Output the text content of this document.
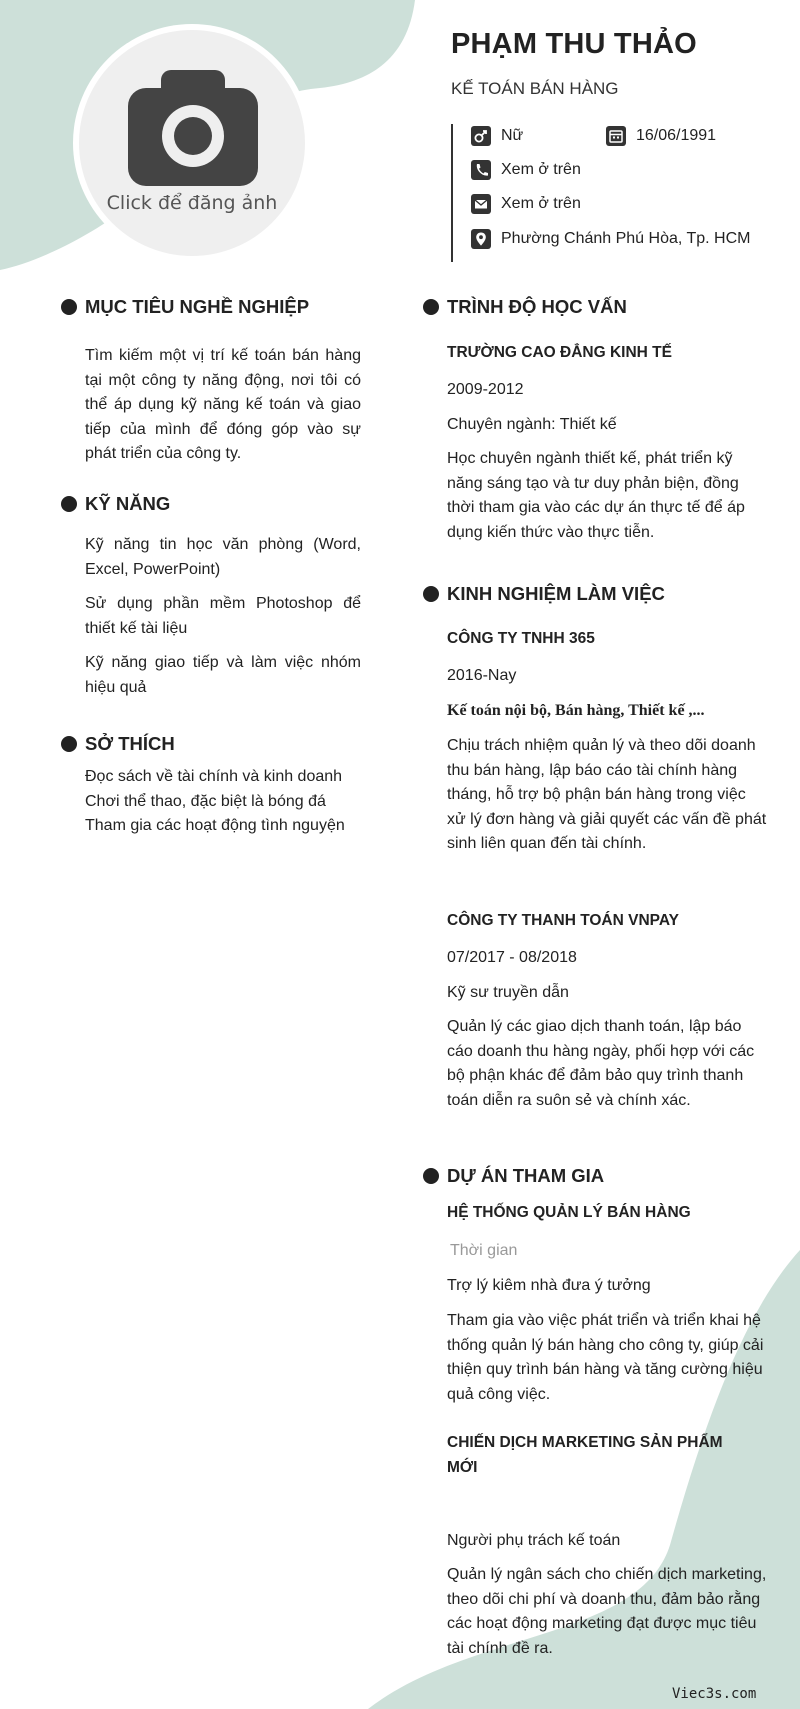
Click để đăng ảnh
PHẠM THU THẢO
KẾ TOÁN BÁN HÀNG
Nữ	16/06/1991
Xem ở trên
Xem ở trên
Phường Chánh Phú Hòa, Tp. HCM
MỤC TIÊU NGHỀ NGHIỆP
Tìm kiếm một vị trí kế toán bán hàng tại một công ty năng động, nơi tôi có thể áp dụng kỹ năng kế toán và giao tiếp của mình để đóng góp vào sự phát triển của công ty.
KỸ NĂNG
Kỹ năng tin học văn phòng (Word, Excel, PowerPoint)
Sử dụng phần mềm Photoshop để thiết kế tài liệu
Kỹ năng giao tiếp và làm việc nhóm hiệu quả
SỞ THÍCH
Đọc sách về tài chính và kinh doanh
Chơi thể thao, đặc biệt là bóng đá
Tham gia các hoạt động tình nguyện
TRÌNH ĐỘ HỌC VẤN
TRƯỜNG CAO ĐẲNG KINH TẾ
2009-2012
Chuyên ngành: Thiết kế
Học chuyên ngành thiết kế, phát triển kỹ năng sáng tạo và tư duy phản biện, đồng thời tham gia vào các dự án thực tế để áp dụng kiến thức vào thực tiễn.
KINH NGHIỆM LÀM VIỆC
CÔNG TY TNHH 365
2016-Nay
Kế toán nội bộ, Bán hàng, Thiết kế ,...
Chịu trách nhiệm quản lý và theo dõi doanh thu bán hàng, lập báo cáo tài chính hàng tháng, hỗ trợ bộ phận bán hàng trong việc xử lý đơn hàng và giải quyết các vấn đề phát sinh liên quan đến tài chính.
CÔNG TY THANH TOÁN VNPAY
07/2017 - 08/2018
Kỹ sư truyền dẫn
Quản lý các giao dịch thanh toán, lập báo cáo doanh thu hàng ngày, phối hợp với các bộ phận khác để đảm bảo quy trình thanh toán diễn ra suôn sẻ và chính xác.
DỰ ÁN THAM GIA
HỆ THỐNG QUẢN LÝ BÁN HÀNG
Thời gian
Trợ lý kiêm nhà đưa ý tưởng
Tham gia vào việc phát triển và triển khai hệ thống quản lý bán hàng cho công ty, giúp cải thiện quy trình bán hàng và tăng cường hiệu quả công việc.
CHIẾN DỊCH MARKETING SẢN PHẨM MỚI
Người phụ trách kế toán
Quản lý ngân sách cho chiến dịch marketing, theo dõi chi phí và doanh thu, đảm bảo rằng các hoạt động marketing đạt được mục tiêu tài chính đề ra.
Viec3s.com
